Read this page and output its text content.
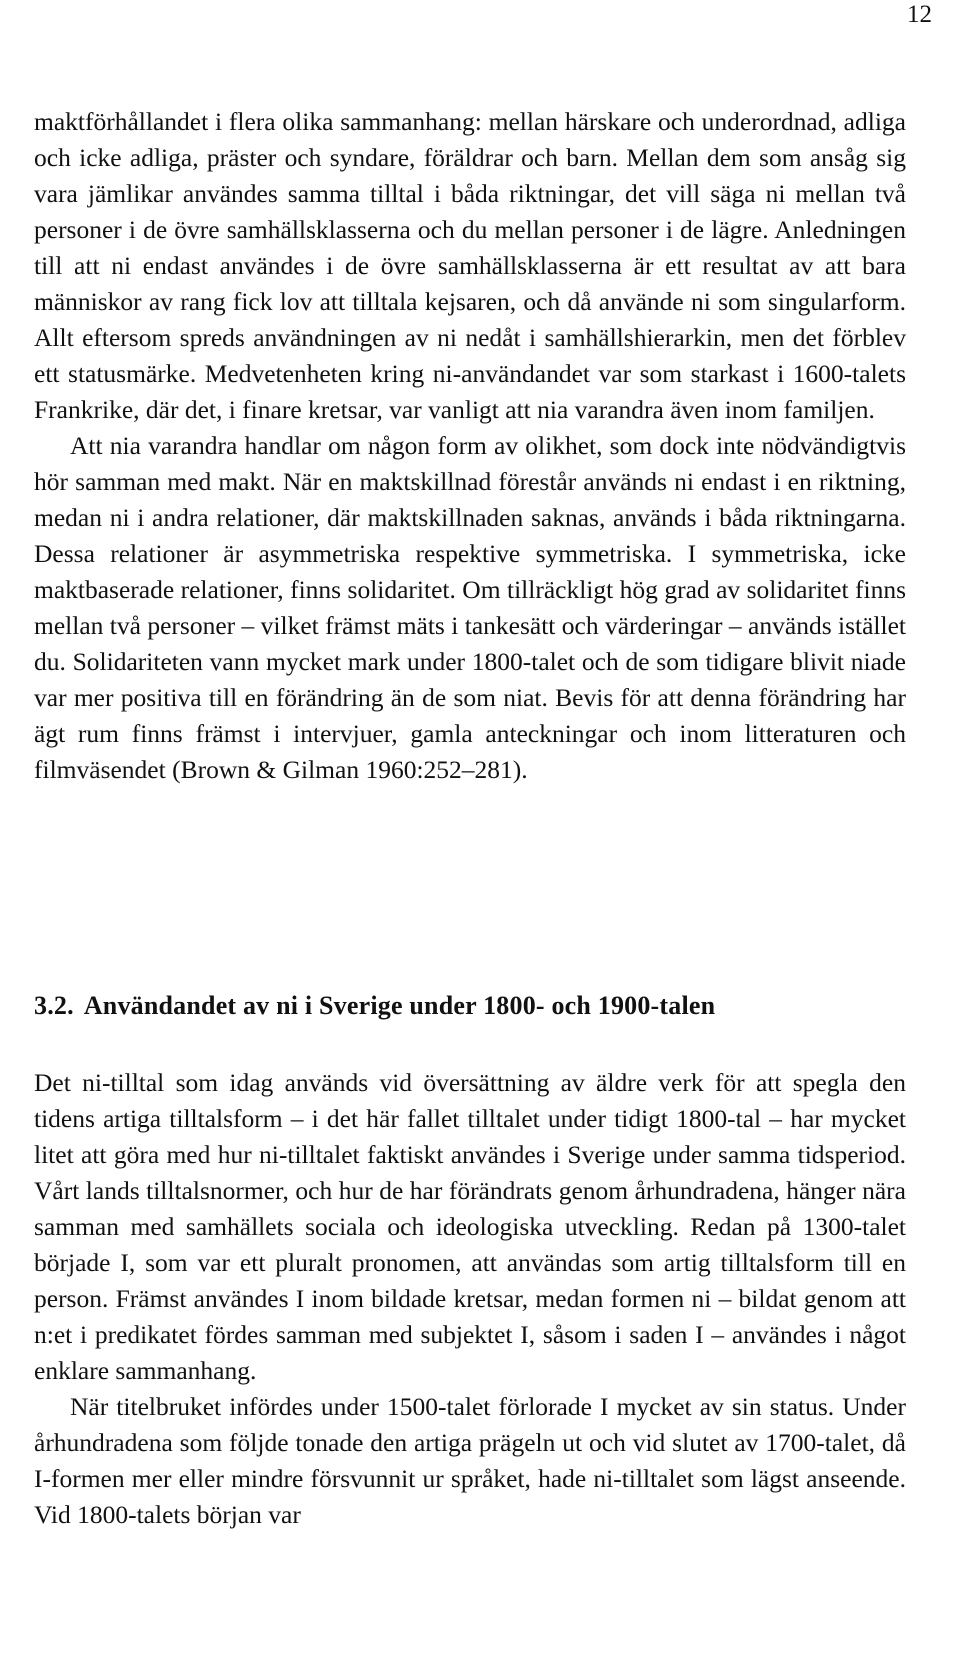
12

maktförhållandet i flera olika sammanhang: mellan härskare och underordnad, adliga och icke adliga, präster och syndare, föräldrar och barn. Mellan dem som ansåg sig vara jämlikar användes samma tilltal i båda riktningar, det vill säga ni mellan två personer i de övre samhällsklasserna och du mellan personer i de lägre. Anledningen till att ni endast användes i de övre samhällsklasserna är ett resultat av att bara människor av rang fick lov att tilltala kejsaren, och då använde ni som singularform. Allt eftersom spreds användningen av ni nedåt i samhällshierarkin, men det förblev ett statusmärke. Medvetenheten kring ni-användandet var som starkast i 1600-talets Frankrike, där det, i finare kretsar, var vanligt att nia varandra även inom familjen.

Att nia varandra handlar om någon form av olikhet, som dock inte nödvändigtvis hör samman med makt. När en maktskillnad förestår används ni endast i en riktning, medan ni i andra relationer, där maktskillnaden saknas, används i båda riktningarna. Dessa relationer är asymmetriska respektive symmetriska. I symmetriska, icke maktbaserade relationer, finns solidaritet. Om tillräckligt hög grad av solidaritet finns mellan två personer – vilket främst mäts i tankesätt och värderingar – används istället du. Solidariteten vann mycket mark under 1800-talet och de som tidigare blivit niade var mer positiva till en förändring än de som niat. Bevis för att denna förändring har ägt rum finns främst i intervjuer, gamla anteckningar och inom litteraturen och filmväsendet (Brown & Gilman 1960:252–281).

3.2. Användandet av ni i Sverige under 1800- och 1900-talen

Det ni-tilltal som idag används vid översättning av äldre verk för att spegla den tidens artiga tilltalsform – i det här fallet tilltalet under tidigt 1800-tal – har mycket litet att göra med hur ni-tilltalet faktiskt användes i Sverige under samma tidsperiod. Vårt lands tilltalsnormer, och hur de har förändrats genom århundradena, hänger nära samman med samhällets sociala och ideologiska utveckling. Redan på 1300-talet började I, som var ett pluralt pronomen, att användas som artig tilltalsform till en person. Främst användes I inom bildade kretsar, medan formen ni – bildat genom att n:et i predikatet fördes samman med subjektet I, såsom i saden I – användes i något enklare sammanhang.

När titelbruket infördes under 1500-talet förlorade I mycket av sin status. Under århundradena som följde tonade den artiga prägeln ut och vid slutet av 1700-talet, då I-formen mer eller mindre försvunnit ur språket, hade ni-tilltalet som lägst anseende. Vid 1800-talets början var
